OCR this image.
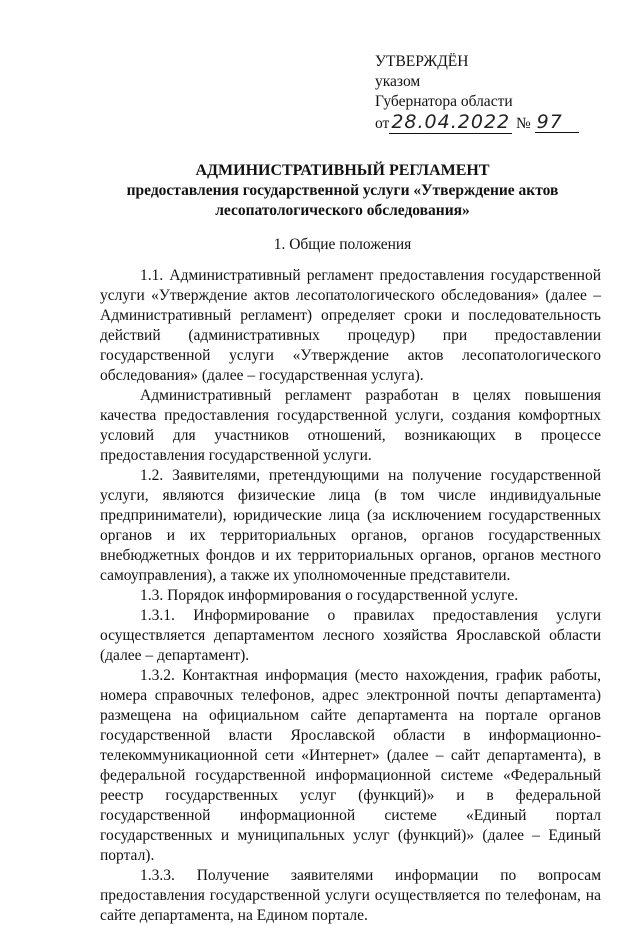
УТВЕРЖДЁН
указом
Губернатора области
от 28.04.2022 № 97
АДМИНИСТРАТИВНЫЙ РЕГЛАМЕНТ
предоставления государственной услуги «Утверждение актов
лесопатологического обследования»
1. Общие положения

1.1. Административный регламент предоставления государственной услуги «Утверждение актов лесопатологического обследования» (далее – Административный регламент) определяет сроки и последовательность действий (административных процедур) при предоставлении государственной услуги «Утверждение актов лесопатологического обследования» (далее – государственная услуга).

Административный регламент разработан в целях повышения качества предоставления государственной услуги, создания комфортных условий для участников отношений, возникающих в процессе предоставления государственной услуги.

1.2. Заявителями, претендующими на получение государственной услуги, являются физические лица (в том числе индивидуальные предприниматели), юридические лица (за исключением государственных органов и их территориальных органов, органов государственных внебюджетных фондов и их территориальных органов, органов местного самоуправления), а также их уполномоченные представители.

1.3. Порядок информирования о государственной услуге.

1.3.1. Информирование о правилах предоставления услуги осуществляется департаментом лесного хозяйства Ярославской области (далее – департамент).

1.3.2. Контактная информация (место нахождения, график работы, номера справочных телефонов, адрес электронной почты департамента) размещена на официальном сайте департамента на портале органов государственной власти Ярославской области в информационно-телекоммуникационной сети «Интернет» (далее – сайт департамента), в федеральной государственной информационной системе «Федеральный реестр государственных услуг (функций)» и в федеральной государственной информационной системе «Единый портал государственных и муниципальных услуг (функций)» (далее – Единый портал).

1.3.3. Получение заявителями информации по вопросам предоставления государственной услуги осуществляется по телефонам, на сайте департамента, на Едином портале.
